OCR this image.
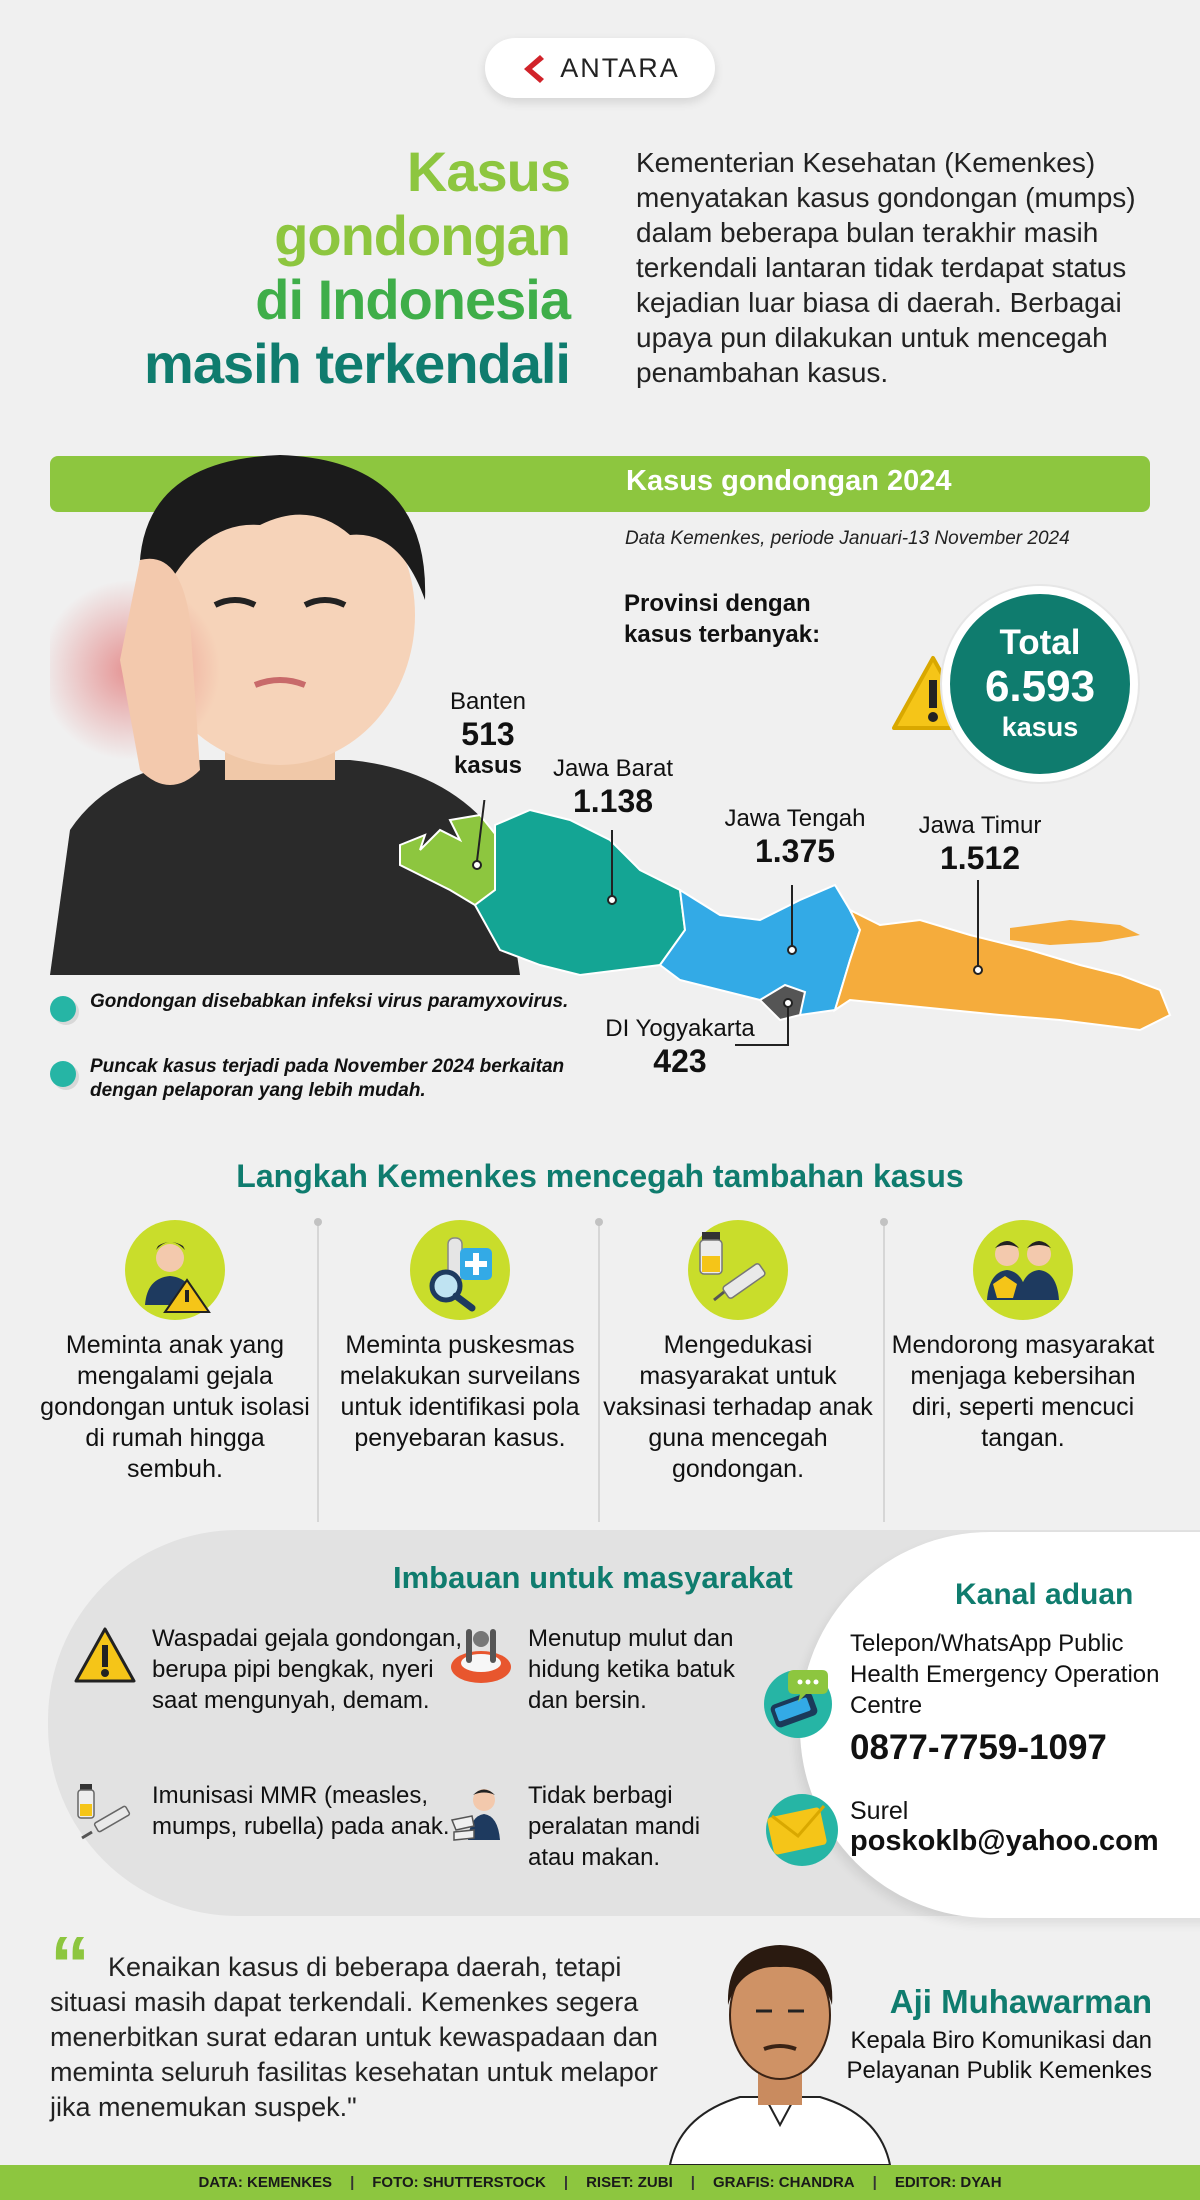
ANTARA
Kasus
gondongan
di Indonesia
masih terkendali

Kementerian Kesehatan (Kemenkes) menyatakan kasus gondongan (mumps) dalam beberapa bulan terakhir masih terkendali lantaran tidak terdapat status kejadian luar biasa di daerah. Berbagai upaya pun dilakukan untuk mencegah penambahan kasus.

Kasus gondongan 2024
Data Kemenkes, periode Januari-13 November 2024
Provinsi dengan kasus terbanyak:	Total
6.593
kasus
Banten
513
kasus	Jawa Barat
1.138	Jawa Tengah
1.375
Jawa Timur
1.512
DI Yogyakarta
423
Gondongan disebabkan infeksi virus paramyxovirus.
Puncak kasus terjadi pada November 2024 berkaitan dengan pelaporan yang lebih mudah.
Langkah Kemenkes mencegah tambahan kasus

Meminta anak yang mengalami gejala gondongan untuk isolasi di rumah hingga sembuh.

Meminta puskesmas melakukan surveilans untuk identifikasi pola penyebaran kasus.

Mengedukasi masyarakat untuk vaksinasi terhadap anak guna mencegah gondongan.

Mendorong masyarakat menjaga kebersihan diri, seperti mencuci tangan.

Imbauan untuk masyarakat
Waspadai gejala gondongan, berupa pipi bengkak, nyeri saat mengunyah, demam.
Menutup mulut dan hidung ketika batuk dan bersin.
Imunisasi MMR (measles, mumps, rubella) pada anak.
Tidak berbagi peralatan mandi atau makan.
Kanal aduan
Telepon/WhatsApp Public Health Emergency Operation Centre
0877-7759-1097
Surel
poskoklb@yahoo.com
“ Kenaikan kasus di beberapa daerah, tetapi situasi masih dapat terkendali. Kemenkes segera menerbitkan surat edaran untuk kewaspadaan dan meminta seluruh fasilitas kesehatan untuk melapor jika menemukan suspek."

Aji Muhawarman
Kepala Biro Komunikasi dan Pelayanan Publik Kemenkes
DATA: KEMENKES | FOTO: SHUTTERSTOCK | RISET: ZUBI | GRAFIS: CHANDRA | EDITOR: DYAH
